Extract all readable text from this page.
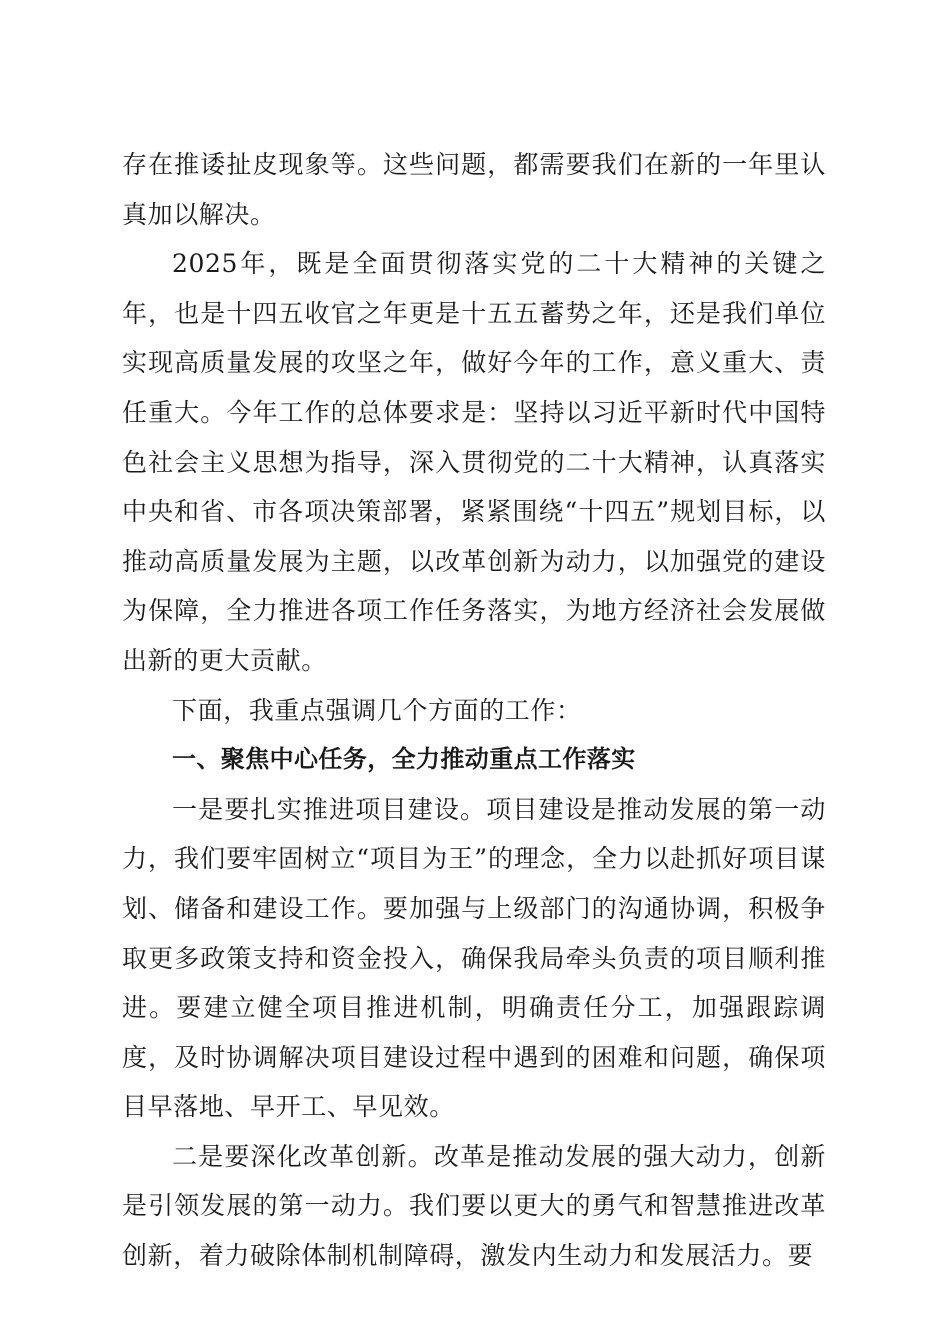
存在推诿扯皮现象等。这些问题，都需要我们在新的一年里认真加以解决。

2025年，既是全面贯彻落实党的二十大精神的关键之年，也是十四五收官之年更是十五五蓄势之年，还是我们单位实现高质量发展的攻坚之年，做好今年的工作，意义重大、责任重大。今年工作的总体要求是：坚持以习近平新时代中国特色社会主义思想为指导，深入贯彻党的二十大精神，认真落实中央和省、市各项决策部署，紧紧围绕“十四五”规划目标，以推动高质量发展为主题，以改革创新为动力，以加强党的建设为保障，全力推进各项工作任务落实，为地方经济社会发展做出新的更大贡献。

下面，我重点强调几个方面的工作：

一、聚焦中心任务，全力推动重点工作落实

一是要扎实推进项目建设。项目建设是推动发展的第一动力，我们要牢固树立“项目为王”的理念，全力以赴抓好项目谋划、储备和建设工作。要加强与上级部门的沟通协调，积极争取更多政策支持和资金投入，确保我局牵头负责的项目顺利推进。要建立健全项目推进机制，明确责任分工，加强跟踪调度，及时协调解决项目建设过程中遇到的困难和问题，确保项目早落地、早开工、早见效。

二是要深化改革创新。改革是推动发展的强大动力，创新是引领发展的第一动力。我们要以更大的勇气和智慧推进改革创新，着力破除体制机制障碍，激发内生动力和发展活力。要
